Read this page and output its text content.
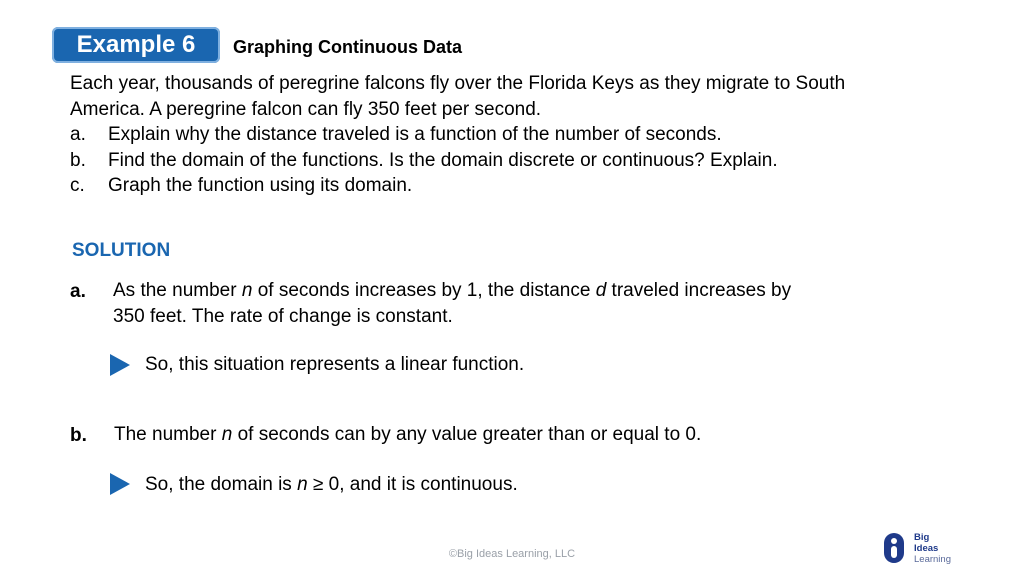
Example 6 Graphing Continuous Data

Each year, thousands of peregrine falcons fly over the Florida Keys as they migrate to South

America. A peregrine falcon can fly 350 feet per second.

a.	Explain why the distance traveled is a function of the number of seconds.
b.	Find the domain of the functions. Is the domain discrete or continuous? Explain.
c.	Graph the function using its domain.
SOLUTION
a. As the number n of seconds increases by 1, the distance d traveled increases by
350 feet. The rate of change is constant.
So, this situation represents a linear function.
b. The number n of seconds can by any value greater than or equal to 0.
So, the domain is n ≥ 0, and it is continuous.
©Big Ideas Learning, LLC
Big
Ideas
Learning
